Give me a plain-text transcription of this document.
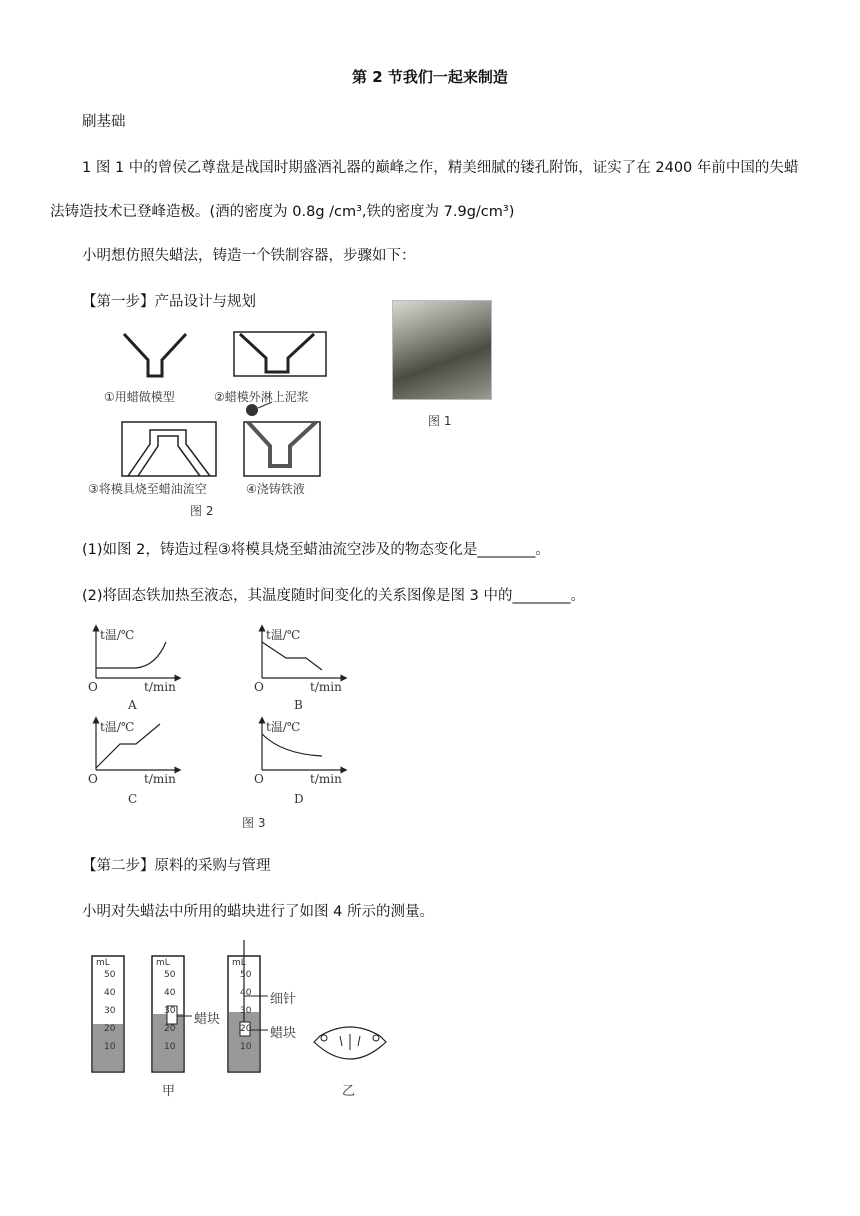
第 2 节我们一起来制造
刷基础
1 图 1 中的曾侯乙尊盘是战国时期盛酒礼器的巅峰之作，精美细腻的镂孔附饰，证实了在 2400 年前中国的失蜡
法铸造技术已登峰造极。(酒的密度为 0.8g /cm³,铁的密度为 7.9g/cm³)
小明想仿照失蜡法，铸造一个铁制容器，步骤如下：
【第一步】产品设计与规划
①用蜡做模型	②蜡模外淋上泥浆
③将模具烧至蜡油流空	④浇铸铁液
图 2
图 1
(1)如图 2，铸造过程③将模具烧至蜡油流空涉及的物态变化是________。
(2)将固态铁加热至液态，其温度随时间变化的关系图像是图 3 中的________。
t温/℃	t温/℃
t温/℃	t温/℃
t/min	t/min
t/min	t/min
O	O
O	O
A	B
C	D
图 3
【第二步】原料的采购与管理
小明对失蜡法中所用的蜡块进行了如图 4 所示的测量。
mL	mL	mL
50
40
30
20
10
50
40
30
20
10
50
40
30
20
10
蜡块
细针
蜡块
甲	乙
